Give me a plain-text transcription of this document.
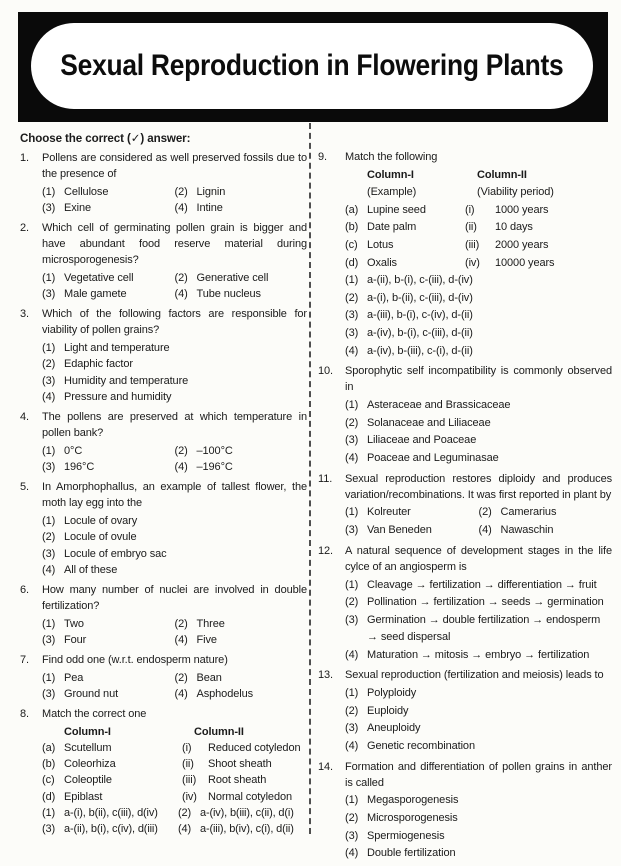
Sexual Reproduction in Flowering Plants
Choose the correct (✓) answer:
1.	Pollens are considered as well preserved fossils due to the presence of
(1) Cellulose	(2) Lignin
(3) Exine	(4) Intine
2.	Which cell of germinating pollen grain is bigger and have abundant food reserve material during microsporogenesis?
(1) Vegetative cell	(2) Generative cell
(3) Male gamete	(4) Tube nucleus
3.	Which of the following factors are responsible for viability of pollen grains?
(1) Light and temperature
(2) Edaphic factor
(3) Humidity and temperature
(4) Pressure and humidity
4.	The pollens are preserved at which temperature in pollen bank?
(1) 0°C	(2) –100°C
(3) 196°C	(4) –196°C
5.	In Amorphophallus, an example of tallest flower, the moth lay egg into the
(1) Locule of ovary
(2) Locule of ovule
(3) Locule of embryo sac
(4) All of these
6.	How many number of nuclei are involved in double fertilization?
(1) Two	(2) Three
(3) Four	(4) Five
7.	Find odd one (w.r.t. endosperm nature)
(1) Pea	(2) Bean
(3) Ground nut	(4) Asphodelus
8.	Match the correct one
Column-I	Column-II
(a) Scutellum	(i)	Reduced cotyledon
(b) Coleorhiza	(ii)	Shoot sheath
(c) Coleoptile	(iii)	Root sheath
(d) Epiblast	(iv)	Normal cotyledon
(1) a-(i), b(ii), c(iii), d(iv) (2) a-(iv), b(iii), c(ii), d(i)
(3) a-(ii), b(i), c(iv), d(iii) (4) a-(iii), b(iv), c(i), d(ii)
9.	Match the following
Column-I	Column-II
(Example)	(Viability period)
(a) Lupine seed	(i)	1000 years
(b) Date palm	(ii)	10 days
(c) Lotus	(iii)	2000 years
(d) Oxalis	(iv)	10000 years
(1) a-(ii), b-(i), c-(iii), d-(iv)
(2) a-(i), b-(ii), c-(iii), d-(iv)
(3) a-(iii), b-(i), c-(iv), d-(ii)
(3) a-(iv), b-(i), c-(iii), d-(ii)
(4) a-(iv), b-(iii), c-(i), d-(ii)
10.	Sporophytic self incompatibility is commonly observed in
(1) Asteraceae and Brassicaceae
(2) Solanaceae and Liliaceae
(3) Liliaceae and Poaceae
(4) Poaceae and Leguminasae
11.	Sexual reproduction restores diploidy and produces variation/recombinations. It was first reported in plant by
(1) Kolreuter	(2) Camerarius
(3) Van Beneden	(4) Nawaschin
12.	A natural sequence of development stages in the life cylce of an angiosperm is
(1) Cleavage → fertilization → differentiation → fruit
(2) Pollination → fertilization → seeds → germination
(3) Germination → double fertilization → endosperm → seed dispersal
(4) Maturation → mitosis → embryo → fertilization
13.	Sexual reproduction (fertilization and meiosis) leads to
(1) Polyploidy
(2) Euploidy
(3) Aneuploidy
(4) Genetic recombination
14.	Formation and differentiation of pollen grains in anther is called
(1) Megasporogenesis
(2) Microsporogenesis
(3) Spermiogenesis
(4) Double fertilization
